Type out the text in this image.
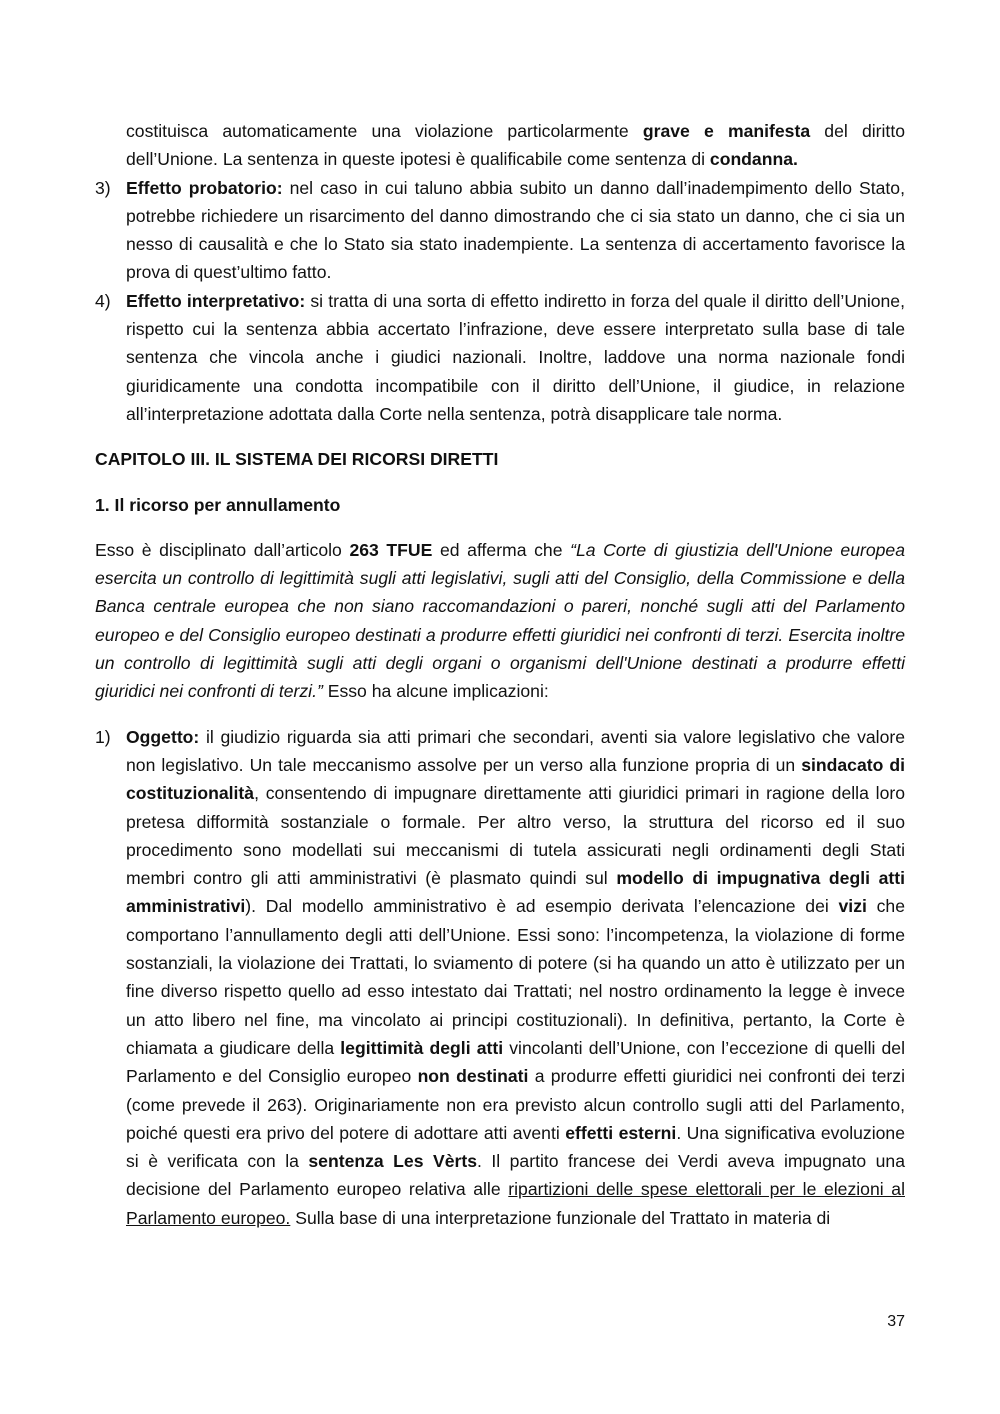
costituisca automaticamente una violazione particolarmente grave e manifesta del diritto dell’Unione. La sentenza in queste ipotesi è qualificabile come sentenza di condanna.

3) Effetto probatorio: nel caso in cui taluno abbia subito un danno dall’inadempimento dello Stato, potrebbe richiedere un risarcimento del danno dimostrando che ci sia stato un danno, che ci sia un nesso di causalità e che lo Stato sia stato inadempiente. La sentenza di accertamento favorisce la prova di quest’ultimo fatto.
4) Effetto interpretativo: si tratta di una sorta di effetto indiretto in forza del quale il diritto dell’Unione, rispetto cui la sentenza abbia accertato l’infrazione, deve essere interpretato sulla base di tale sentenza che vincola anche i giudici nazionali. Inoltre, laddove una norma nazionale fondi giuridicamente una condotta incompatibile con il diritto dell’Unione, il giudice, in relazione all’interpretazione adottata dalla Corte nella sentenza, potrà disapplicare tale norma.

CAPITOLO III. IL SISTEMA DEI RICORSI DIRETTI

1. Il ricorso per annullamento

Esso è disciplinato dall’articolo 263 TFUE ed afferma che “La Corte di giustizia dell'Unione europea esercita un controllo di legittimità sugli atti legislativi, sugli atti del Consiglio, della Commissione e della Banca centrale europea che non siano raccomandazioni o pareri, nonché sugli atti del Parlamento europeo e del Consiglio europeo destinati a produrre effetti giuridici nei confronti di terzi. Esercita inoltre un controllo di legittimità sugli atti degli organi o organismi dell'Unione destinati a produrre effetti giuridici nei confronti di terzi.” Esso ha alcune implicazioni:

1) Oggetto: il giudizio riguarda sia atti primari che secondari, aventi sia valore legislativo che valore non legislativo. Un tale meccanismo assolve per un verso alla funzione propria di un sindacato di costituzionalità, consentendo di impugnare direttamente atti giuridici primari in ragione della loro pretesa difformità sostanziale o formale. Per altro verso, la struttura del ricorso ed il suo procedimento sono modellati sui meccanismi di tutela assicurati negli ordinamenti degli Stati membri contro gli atti amministrativi (è plasmato quindi sul modello di impugnativa degli atti amministrativi). Dal modello amministrativo è ad esempio derivata l’elencazione dei vizi che comportano l’annullamento degli atti dell’Unione. Essi sono: l’incompetenza, la violazione di forme sostanziali, la violazione dei Trattati, lo sviamento di potere (si ha quando un atto è utilizzato per un fine diverso rispetto quello ad esso intestato dai Trattati; nel nostro ordinamento la legge è invece un atto libero nel fine, ma vincolato ai principi costituzionali). In definitiva, pertanto, la Corte è chiamata a giudicare della legittimità degli atti vincolanti dell’Unione, con l’eccezione di quelli del Parlamento e del Consiglio europeo non destinati a produrre effetti giuridici nei confronti dei terzi (come prevede il 263). Originariamente non era previsto alcun controllo sugli atti del Parlamento, poiché questi era privo del potere di adottare atti aventi effetti esterni. Una significativa evoluzione si è verificata con la sentenza Les Vèrts. Il partito francese dei Verdi aveva impugnato una decisione del Parlamento europeo relativa alle ripartizioni delle spese elettorali per le elezioni al Parlamento europeo. Sulla base di una interpretazione funzionale del Trattato in materia di
37
